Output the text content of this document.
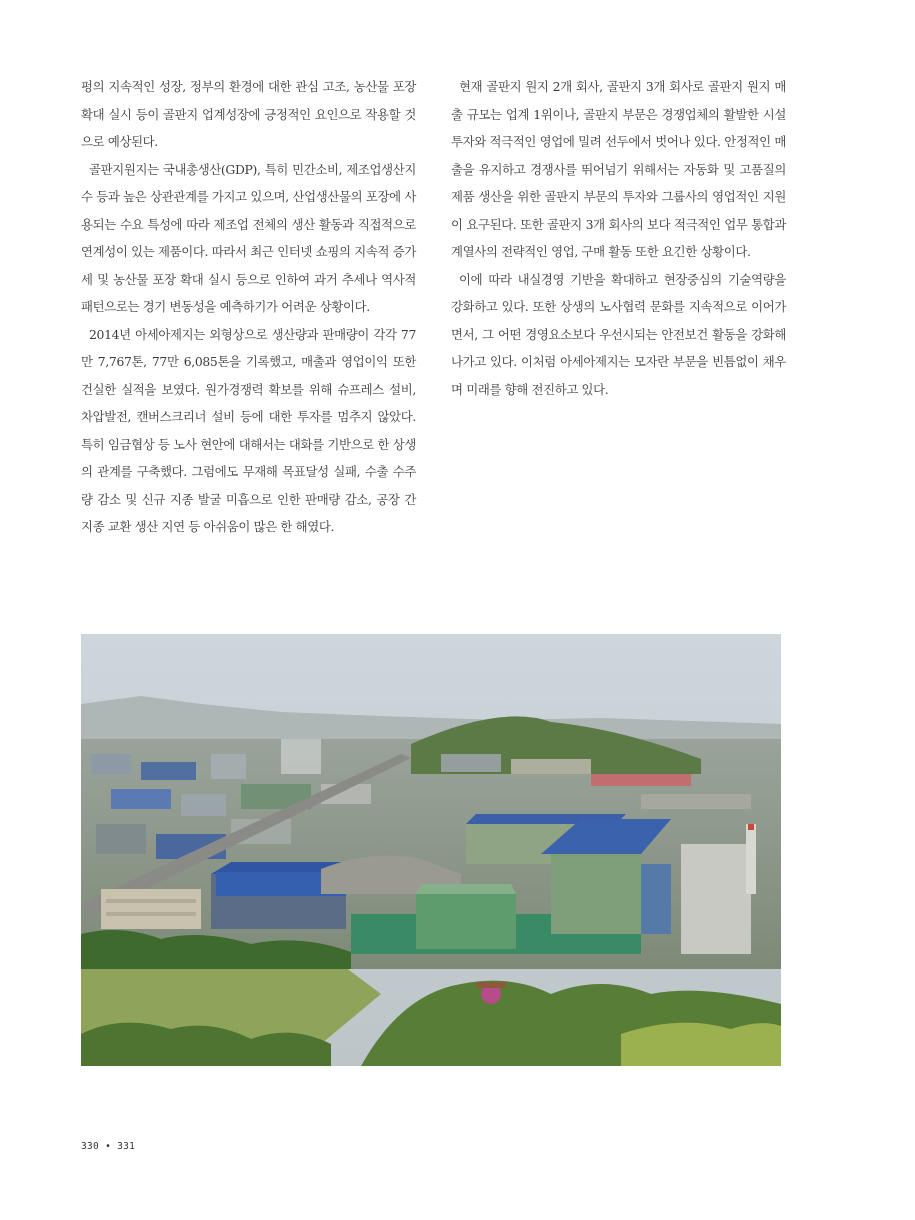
펑의 지속적인 성장, 정부의 환경에 대한 관심 고조, 농산물 포장 확대 실시 등이 골판지 업계성장에 긍정적인 요인으로 작용할 것으로 예상된다.

골판지원지는 국내총생산(GDP), 특히 민간소비, 제조업생산지수 등과 높은 상관관계를 가지고 있으며, 산업생산물의 포장에 사용되는 수요 특성에 따라 제조업 전체의 생산 활동과 직접적으로 연계성이 있는 제품이다. 따라서 최근 인터넷 쇼핑의 지속적 증가세 및 농산물 포장 확대 실시 등으로 인하여 과거 추세나 역사적 패턴으로는 경기 변동성을 예측하기가 어려운 상황이다.

2014년 아세아제지는 외형상으로 생산량과 판매량이 각각 77만 7,767톤, 77만 6,085톤을 기록했고, 매출과 영업이익 또한 건실한 실적을 보였다. 원가경쟁력 확보를 위해 슈프레스 설비, 차압발전, 캔버스크리너 설비 등에 대한 투자를 멈추지 않았다. 특히 임금협상 등 노사 현안에 대해서는 대화를 기반으로 한 상생의 관계를 구축했다. 그럼에도 무재해 목표달성 실패, 수출 수주량 감소 및 신규 지종 발굴 미흡으로 인한 판매량 감소, 공장 간 지종 교환 생산 지연 등 아쉬움이 많은 한 해였다.

현재 골판지 원지 2개 회사, 골판지 3개 회사로 골판지 원지 매출 규모는 업계 1위이나, 골판지 부문은 경쟁업체의 활발한 시설 투자와 적극적인 영업에 밀려 선두에서 벗어나 있다. 안정적인 매출을 유지하고 경쟁사를 뛰어넘기 위해서는 자동화 및 고품질의 제품 생산을 위한 골판지 부문의 투자와 그룹사의 영업적인 지원이 요구된다. 또한 골판지 3개 회사의 보다 적극적인 업무 통합과 계열사의 전략적인 영업, 구매 활동 또한 요긴한 상황이다.

이에 따라 내실경영 기반을 확대하고 현장중심의 기술역량을 강화하고 있다. 또한 상생의 노사협력 문화를 지속적으로 이어가면서, 그 어떤 경영요소보다 우선시되는 안전보건 활동을 강화해 나가고 있다. 이처럼 아세아제지는 모자란 부문을 빈틈없이 채우며 미래를 향해 전진하고 있다.

330 • 331
